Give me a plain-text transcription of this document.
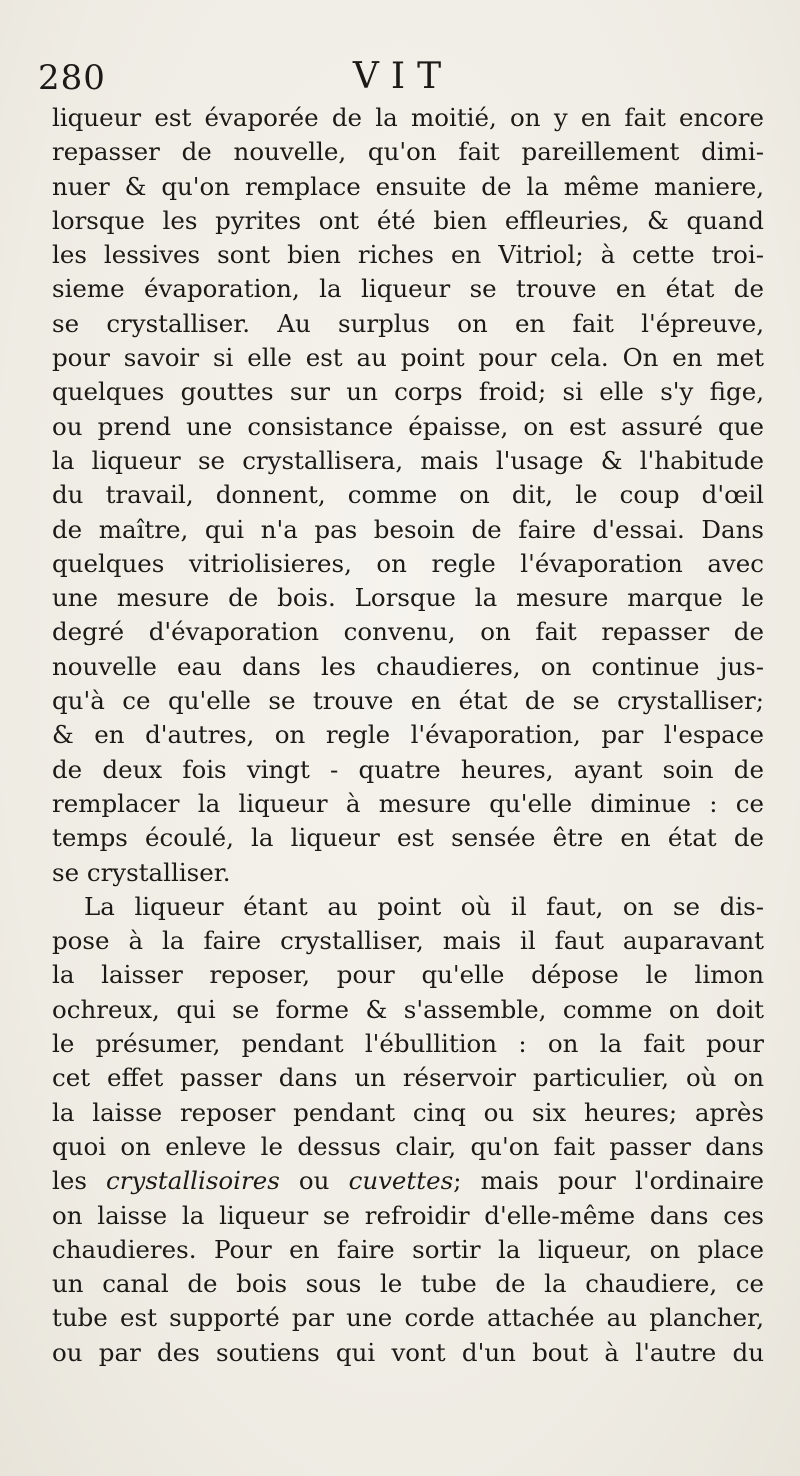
280	VIT
liqueur est évaporée de la moitié, on y en fait encore
repasser de nouvelle, qu'on fait pareillement dimi-
nuer & qu'on remplace ensuite de la même maniere,
lorsque les pyrites ont été bien effleuries, & quand
les lessives sont bien riches en Vitriol; à cette troi-
sieme évaporation, la liqueur se trouve en état de
se crystalliser. Au surplus on en fait l'épreuve,
pour savoir si elle est au point pour cela. On en met
quelques gouttes sur un corps froid; si elle s'y fige,
ou prend une consistance épaisse, on est assuré que
la liqueur se crystallisera, mais l'usage & l'habitude
du travail, donnent, comme on dit, le coup d'œil
de maître, qui n'a pas besoin de faire d'essai. Dans
quelques vitriolisieres, on regle l'évaporation avec
une mesure de bois. Lorsque la mesure marque le
degré d'évaporation convenu, on fait repasser de
nouvelle eau dans les chaudieres, on continue jus-
qu'à ce qu'elle se trouve en état de se crystalliser;
& en d'autres, on regle l'évaporation, par l'espace
de deux fois vingt - quatre heures, ayant soin de
remplacer la liqueur à mesure qu'elle diminue : ce
temps écoulé, la liqueur est sensée être en état de
se crystalliser.
La liqueur étant au point où il faut, on se dis-
pose à la faire crystalliser, mais il faut auparavant
la laisser reposer, pour qu'elle dépose le limon
ochreux, qui se forme & s'assemble, comme on doit
le présumer, pendant l'ébullition : on la fait pour
cet effet passer dans un réservoir particulier, où on
la laisse reposer pendant cinq ou six heures; après
quoi on enleve le dessus clair, qu'on fait passer dans
les crystallisoires ou cuvettes; mais pour l'ordinaire
on laisse la liqueur se refroidir d'elle-même dans ces
chaudieres. Pour en faire sortir la liqueur, on place
un canal de bois sous le tube de la chaudiere, ce
tube est supporté par une corde attachée au plancher,
ou par des soutiens qui vont d'un bout à l'autre du
